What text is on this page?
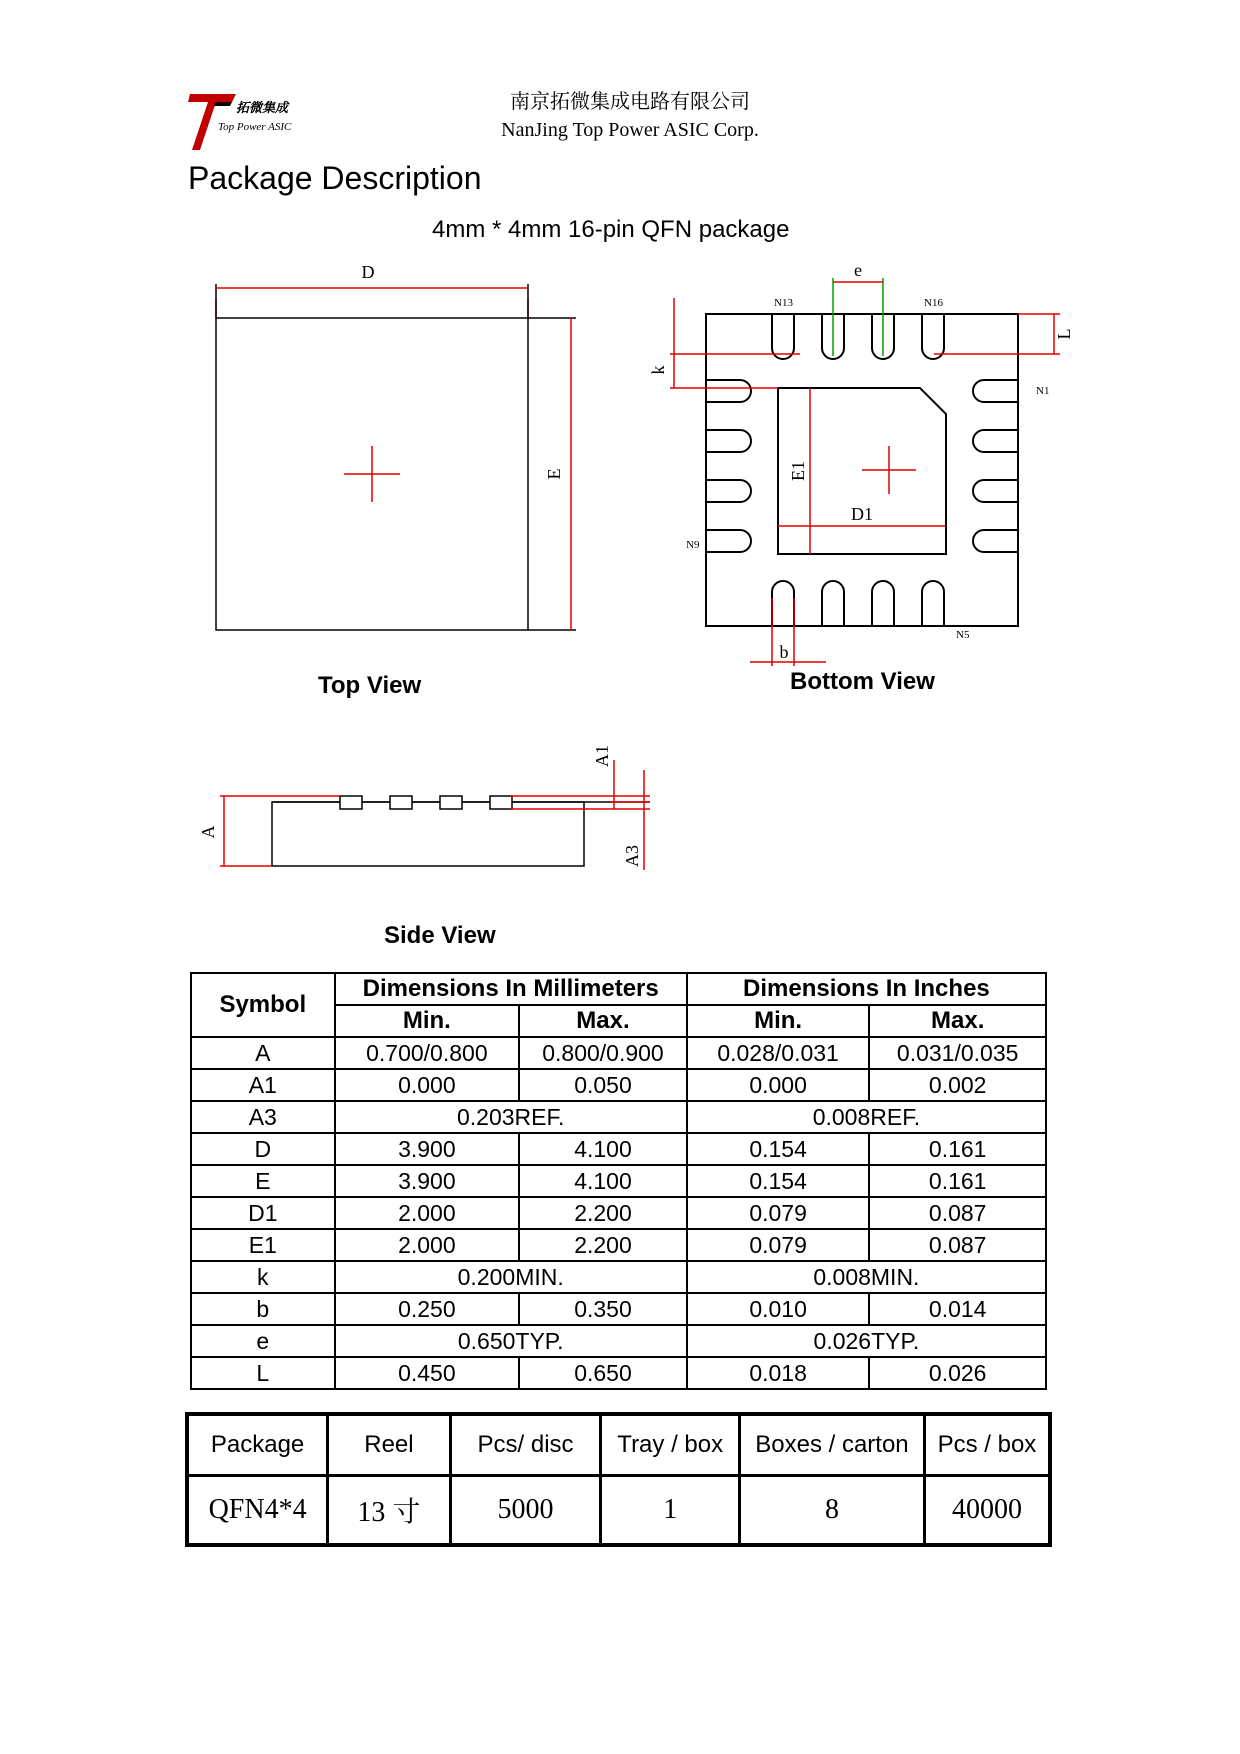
拓微集成
Top Power ASIC
南京拓微集成电路有限公司
NanJing Top Power ASIC Corp.
Package Description
4mm * 4mm 16-pin QFN package
D
E
Top View
e
L
k
E1
D1
b
N1
N5
N9
N13	N16
Bottom View
A
A1
A3
Side View
Symbol	Dimensions In Millimeters		Dimensions In Inches	
	Min.	Max.	Min.	Max.
A	0.700/0.800	0.800/0.900	0.028/0.031	0.031/0.035
A1	0.000	0.050	0.000	0.002
A3	0.203REF.		0.008REF.	
D	3.900	4.100	0.154	0.161
E	3.900	4.100	0.154	0.161
D1	2.000	2.200	0.079	0.087
E1	2.000	2.200	0.079	0.087
k	0.200MIN.		0.008MIN.	
b	0.250	0.350	0.010	0.014
e	0.650TYP.		0.026TYP.	
L	0.450	0.650	0.018	0.026
Package	Reel	Pcs/ disc	Tray / box	Boxes / carton	Pcs / box
QFN4*4	13 寸	5000	1	8	40000
